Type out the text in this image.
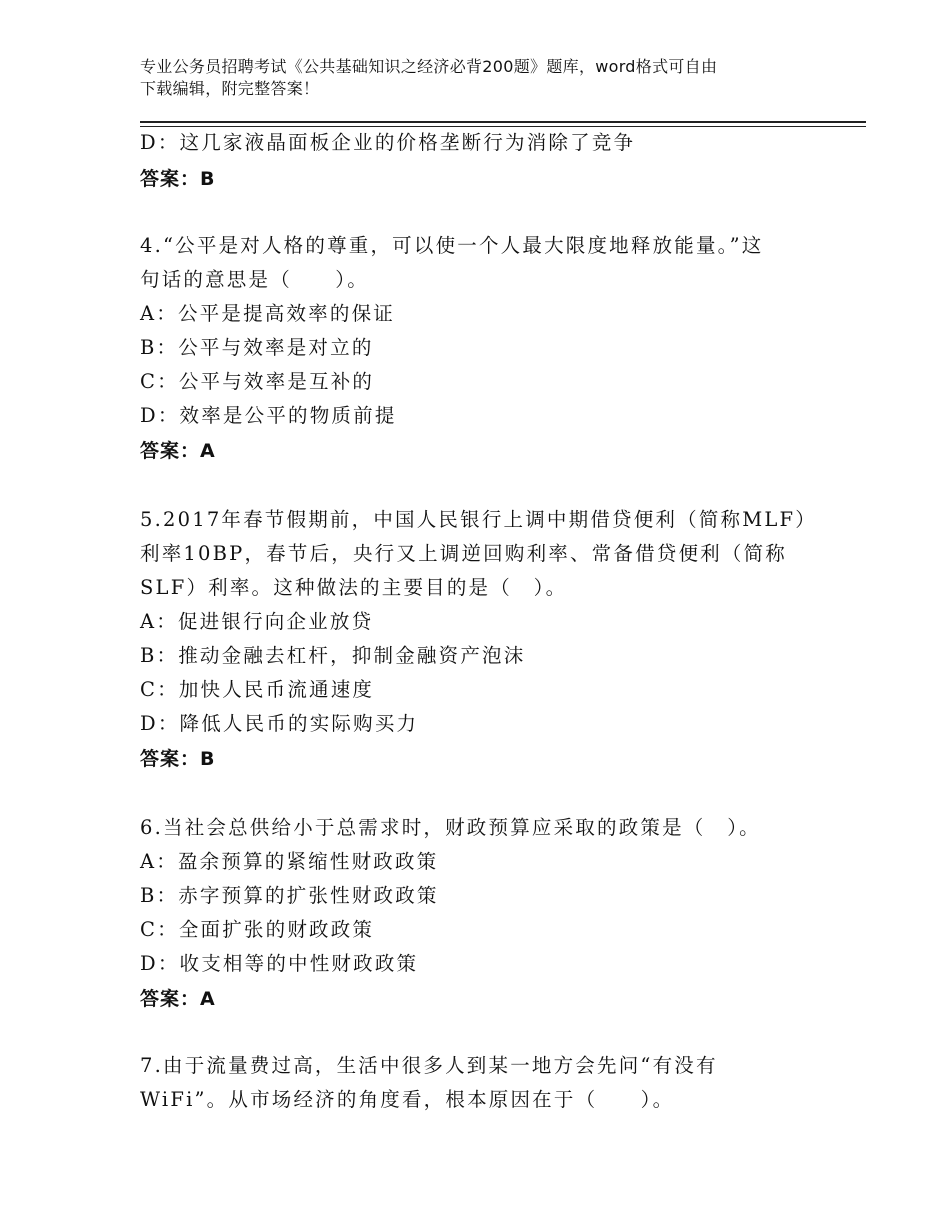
专业公务员招聘考试《公共基础知识之经济必背200题》题库，word格式可自由
下载编辑，附完整答案！
D：这几家液晶面板企业的价格垄断行为消除了竞争
答案：B
4.“公平是对人格的尊重，可以使一个人最大限度地释放能量。”这
句话的意思是（　　）。
A：公平是提高效率的保证
B：公平与效率是对立的
C：公平与效率是互补的
D：效率是公平的物质前提
答案：A
5.2017年春节假期前，中国人民银行上调中期借贷便利（简称MLF）
利率10BP，春节后，央行又上调逆回购利率、常备借贷便利（简称
SLF）利率。这种做法的主要目的是（　）。
A：促进银行向企业放贷
B：推动金融去杠杆，抑制金融资产泡沫
C：加快人民币流通速度
D：降低人民币的实际购买力
答案：B
6.当社会总供给小于总需求时，财政预算应采取的政策是（　）。
A：盈余预算的紧缩性财政政策
B：赤字预算的扩张性财政政策
C：全面扩张的财政政策
D：收支相等的中性财政政策
答案：A
7.由于流量费过高，生活中很多人到某一地方会先问“有没有
WiFi”。从市场经济的角度看，根本原因在于（　　）。
